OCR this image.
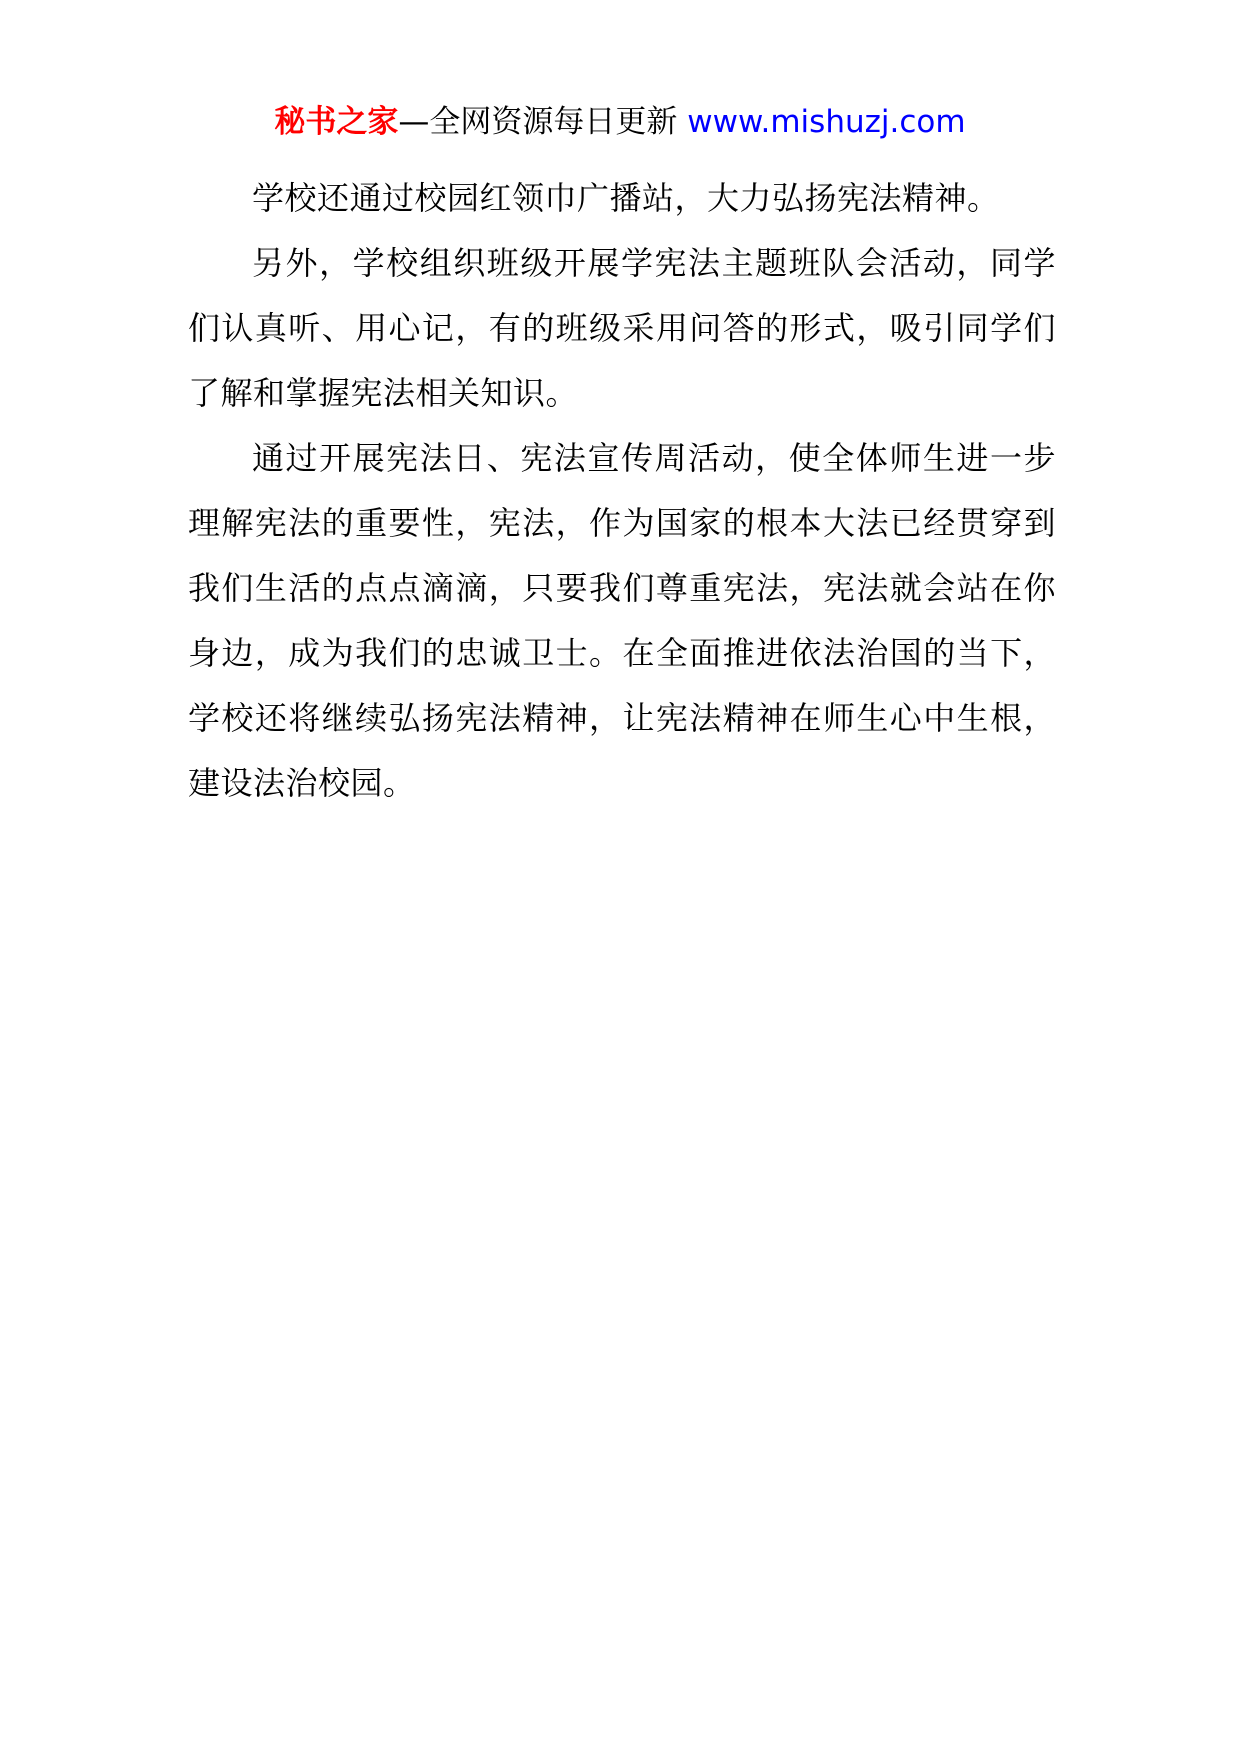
秘书之家—全网资源每日更新 www.mishuzj.com

学校还通过校园红领巾广播站，大力弘扬宪法精神。

另外，学校组织班级开展学宪法主题班队会活动，同学们认真听、用心记，有的班级采用问答的形式，吸引同学们了解和掌握宪法相关知识。

通过开展宪法日、宪法宣传周活动，使全体师生进一步理解宪法的重要性，宪法，作为国家的根本大法已经贯穿到我们生活的点点滴滴，只要我们尊重宪法，宪法就会站在你身边，成为我们的忠诚卫士。在全面推进依法治国的当下，学校还将继续弘扬宪法精神，让宪法精神在师生心中生根，建设法治校园。
